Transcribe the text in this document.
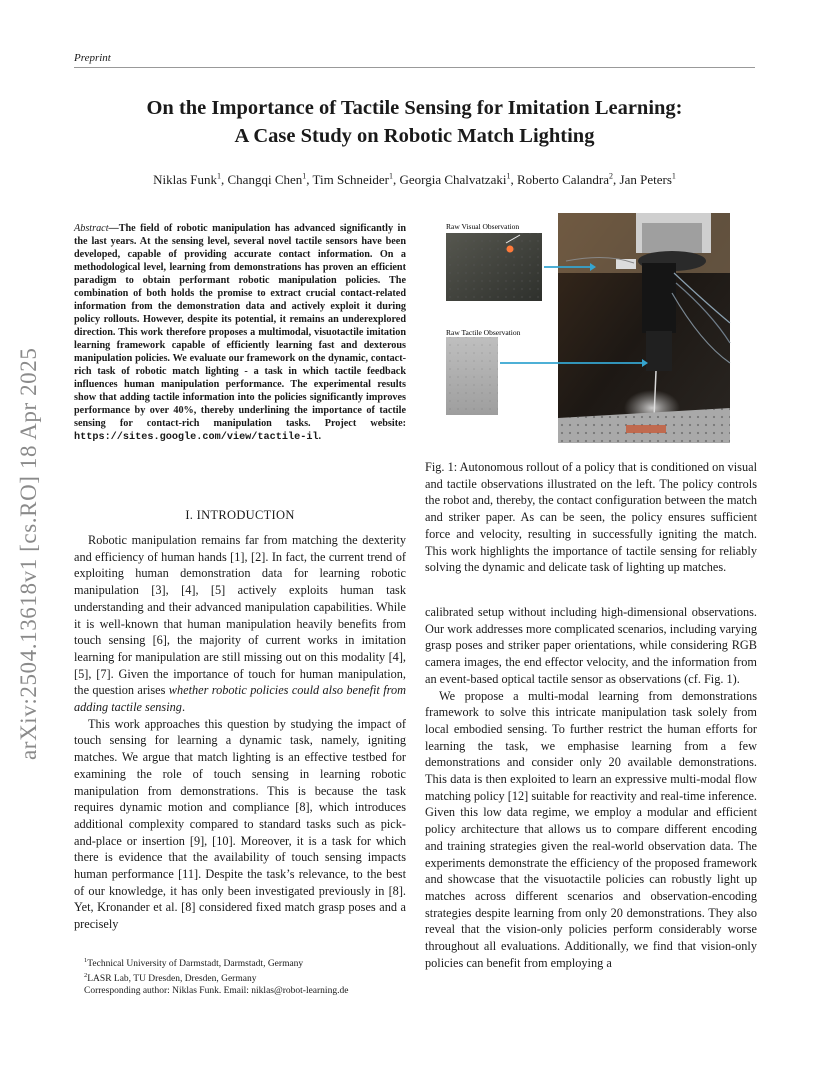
Preprint
On the Importance of Tactile Sensing for Imitation Learning:
A Case Study on Robotic Match Lighting
Niklas Funk$^1$, Changqi Chen$^1$, Tim Schneider$^1$, Georgia Chalvatzaki$^1$, Roberto Calandra$^2$, Jan Peters$^1$
arXiv:2504.13618v1 [cs.RO] 18 Apr 2025
Abstract—The field of robotic manipulation has advanced significantly in the last years. At the sensing level, several novel tactile sensors have been developed, capable of providing accurate contact information. On a methodological level, learning from demonstrations has proven an efficient paradigm to obtain performant robotic manipulation policies. The combination of both holds the promise to extract crucial contact-related information from the demonstration data and actively exploit it during policy rollouts. However, despite its potential, it remains an underexplored direction. This work therefore proposes a multimodal, visuotactile imitation learning framework capable of efficiently learning fast and dexterous manipulation policies. We evaluate our framework on the dynamic, contact-rich task of robotic match lighting - a task in which tactile feedback influences human manipulation performance. The experimental results show that adding tactile information into the policies significantly improves performance by over 40%, thereby underlining the importance of tactile sensing for contact-rich manipulation tasks. Project website: https://sites.google.com/view/tactile-il.
I. INTRODUCTION

Robotic manipulation remains far from matching the dexterity and efficiency of human hands [1], [2]. In fact, the current trend of exploiting human demonstration data for learning robotic manipulation [3], [4], [5] actively exploits human task understanding and their advanced manipulation capabilities. While it is well-known that human manipulation heavily benefits from touch sensing [6], the majority of current works in imitation learning for manipulation are still missing out on this modality [4], [5], [7]. Given the importance of touch for human manipulation, the question arises whether robotic policies could also benefit from adding tactile sensing.

This work approaches this question by studying the impact of touch sensing for learning a dynamic task, namely, igniting matches. We argue that match lighting is an effective testbed for examining the role of touch sensing in learning robotic manipulation from demonstrations. This is because the task requires dynamic motion and compliance [8], which introduces additional complexity compared to standard tasks such as pick-and-place or insertion [9], [10]. Moreover, it is a task for which there is evidence that the availability of touch sensing impacts human performance [11]. Despite the task’s relevance, to the best of our knowledge, it has only been investigated previously in [8]. Yet, Kronander et al. [8] considered fixed match grasp poses and a precisely

$^1$Technical University of Darmstadt, Darmstadt, Germany
$^2$LASR Lab, TU Dresden, Dresden, Germany
Corresponding author: Niklas Funk. Email: niklas@robot-learning.de
Raw Visual Observation
Raw Tactile Observation
Fig. 1: Autonomous rollout of a policy that is conditioned on visual and tactile observations illustrated on the left. The policy controls the robot and, thereby, the contact configuration between the match and striker paper. As can be seen, the policy ensures sufficient force and velocity, resulting in successfully igniting the match. This work highlights the importance of tactile sensing for reliably solving the dynamic and delicate task of lighting up matches.

calibrated setup without including high-dimensional observations. Our work addresses more complicated scenarios, including varying grasp poses and striker paper orientations, while considering RGB camera images, the end effector velocity, and the information from an event-based optical tactile sensor as observations (cf. Fig. 1).

We propose a multi-modal learning from demonstrations framework to solve this intricate manipulation task solely from local embodied sensing. To further restrict the human efforts for learning the task, we emphasise learning from a few demonstrations and consider only 20 available demonstrations. This data is then exploited to learn an expressive multi-modal flow matching policy [12] suitable for reactivity and real-time inference. Given this low data regime, we employ a modular and efficient policy architecture that allows us to compare different encoding and training strategies given the real-world observation data. The experiments demonstrate the efficiency of the proposed framework and showcase that the visuotactile policies can robustly light up matches across different scenarios and observation-encoding strategies despite learning from only 20 demonstrations. They also reveal that the vision-only policies perform considerably worse throughout all evaluations. Additionally, we find that vision-only policies can benefit from employing a
